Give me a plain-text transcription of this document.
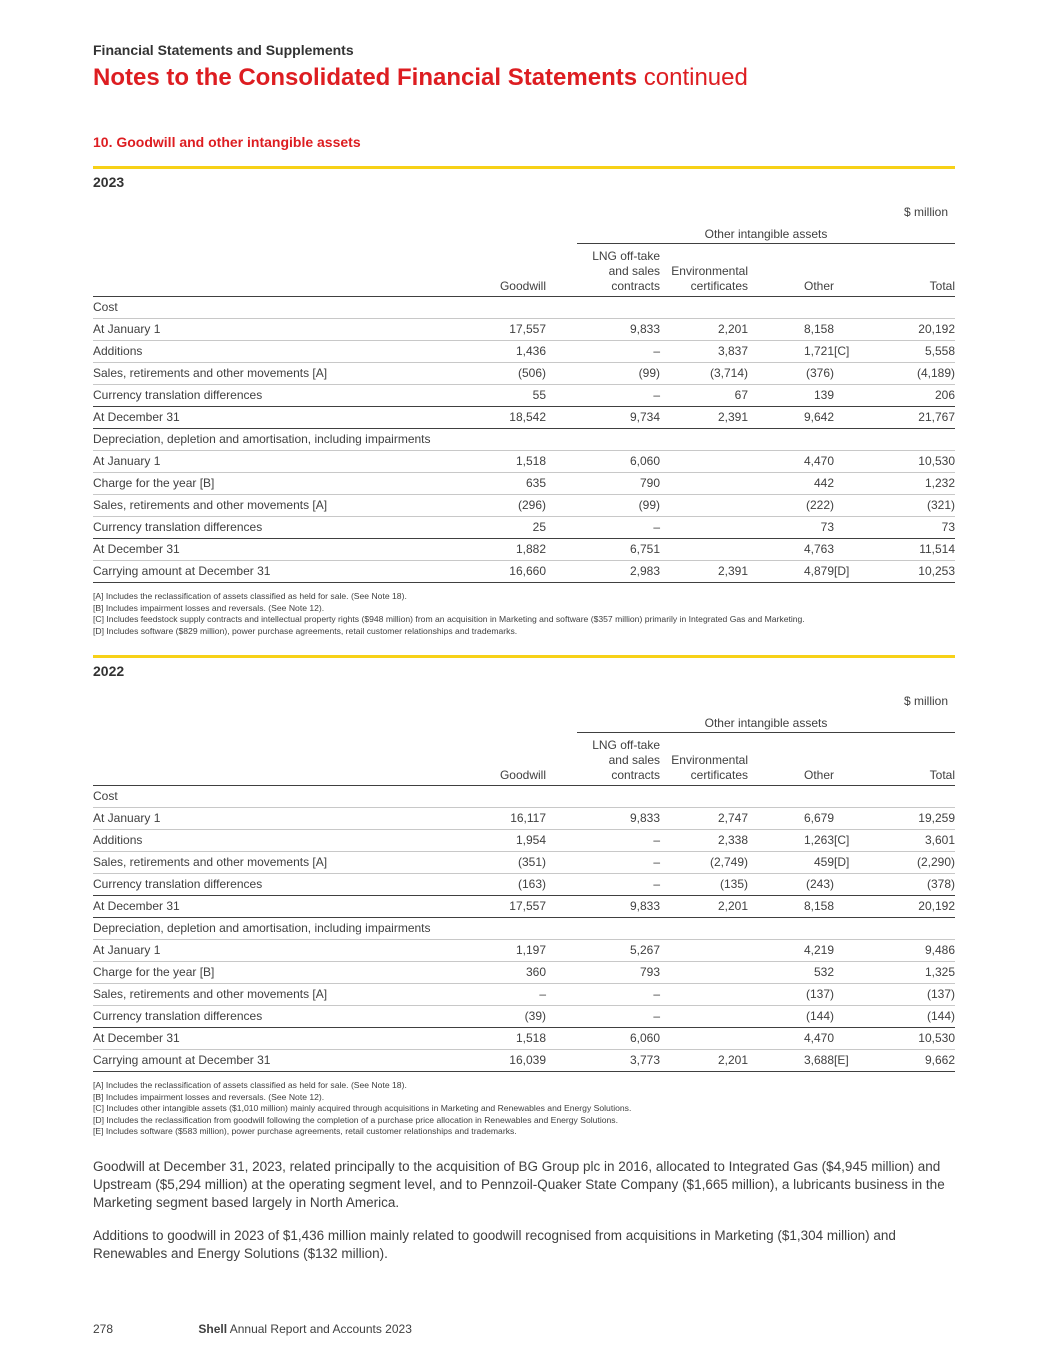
Financial Statements and Supplements
Notes to the Consolidated Financial Statements continued
10. Goodwill and other intangible assets
2023
$ million
Other intangible assets
	Goodwill	LNG off-take
and sales
contracts	Environmental
certificates	Other		Total
Cost						
At January 1	17,557	9,833	2,201	8,158		20,192
Additions	1,436	–	3,837	1,721	[C]	5,558
Sales, retirements and other movements [A]	(506)	(99)	(3,714)	(376)		(4,189)
Currency translation differences	55	–	67	139		206
At December 31	18,542	9,734	2,391	9,642		21,767
Depreciation, depletion and amortisation, including impairments						
At January 1	1,518	6,060		4,470		10,530
Charge for the year [B]	635	790		442		1,232
Sales, retirements and other movements [A]	(296)	(99)		(222)		(321)
Currency translation differences	25	–		73		73
At December 31	1,882	6,751		4,763		11,514
Carrying amount at December 31	16,660	2,983	2,391	4,879	[D]	10,253
[A] Includes the reclassification of assets classified as held for sale. (See Note 18).
[B] Includes impairment losses and reversals. (See Note 12).
[C] Includes feedstock supply contracts and intellectual property rights ($948 million) from an acquisition in Marketing and software ($357 million) primarily in Integrated Gas and Marketing.
[D] Includes software ($829 million), power purchase agreements, retail customer relationships and trademarks.
2022
$ million
Other intangible assets
	Goodwill	LNG off-take
and sales
contracts	Environmental
certificates	Other		Total
Cost						
At January 1	16,117	9,833	2,747	6,679		19,259
Additions	1,954	–	2,338	1,263	[C]	3,601
Sales, retirements and other movements [A]	(351)	–	(2,749)	459	[D]	(2,290)
Currency translation differences	(163)	–	(135)	(243)		(378)
At December 31	17,557	9,833	2,201	8,158		20,192
Depreciation, depletion and amortisation, including impairments						
At January 1	1,197	5,267		4,219		9,486
Charge for the year [B]	360	793		532		1,325
Sales, retirements and other movements [A]	–	–		(137)		(137)
Currency translation differences	(39)	–		(144)		(144)
At December 31	1,518	6,060		4,470		10,530
Carrying amount at December 31	16,039	3,773	2,201	3,688	[E]	9,662
[A] Includes the reclassification of assets classified as held for sale. (See Note 18).
[B] Includes impairment losses and reversals. (See Note 12).
[C] Includes other intangible assets ($1,010 million) mainly acquired through acquisitions in Marketing and Renewables and Energy Solutions.
[D] Includes the reclassification from goodwill following the completion of a purchase price allocation in Renewables and Energy Solutions.
[E] Includes software ($583 million), power purchase agreements, retail customer relationships and trademarks.
Goodwill at December 31, 2023, related principally to the acquisition of BG Group plc in 2016, allocated to Integrated Gas ($4,945 million) and Upstream ($5,294 million) at the operating segment level, and to Pennzoil-Quaker State Company ($1,665 million), a lubricants business in the Marketing segment based largely in North America.
Additions to goodwill in 2023 of $1,436 million mainly related to goodwill recognised from acquisitions in Marketing ($1,304 million) and Renewables and Energy Solutions ($132 million).
278	Shell Annual Report and Accounts 2023
